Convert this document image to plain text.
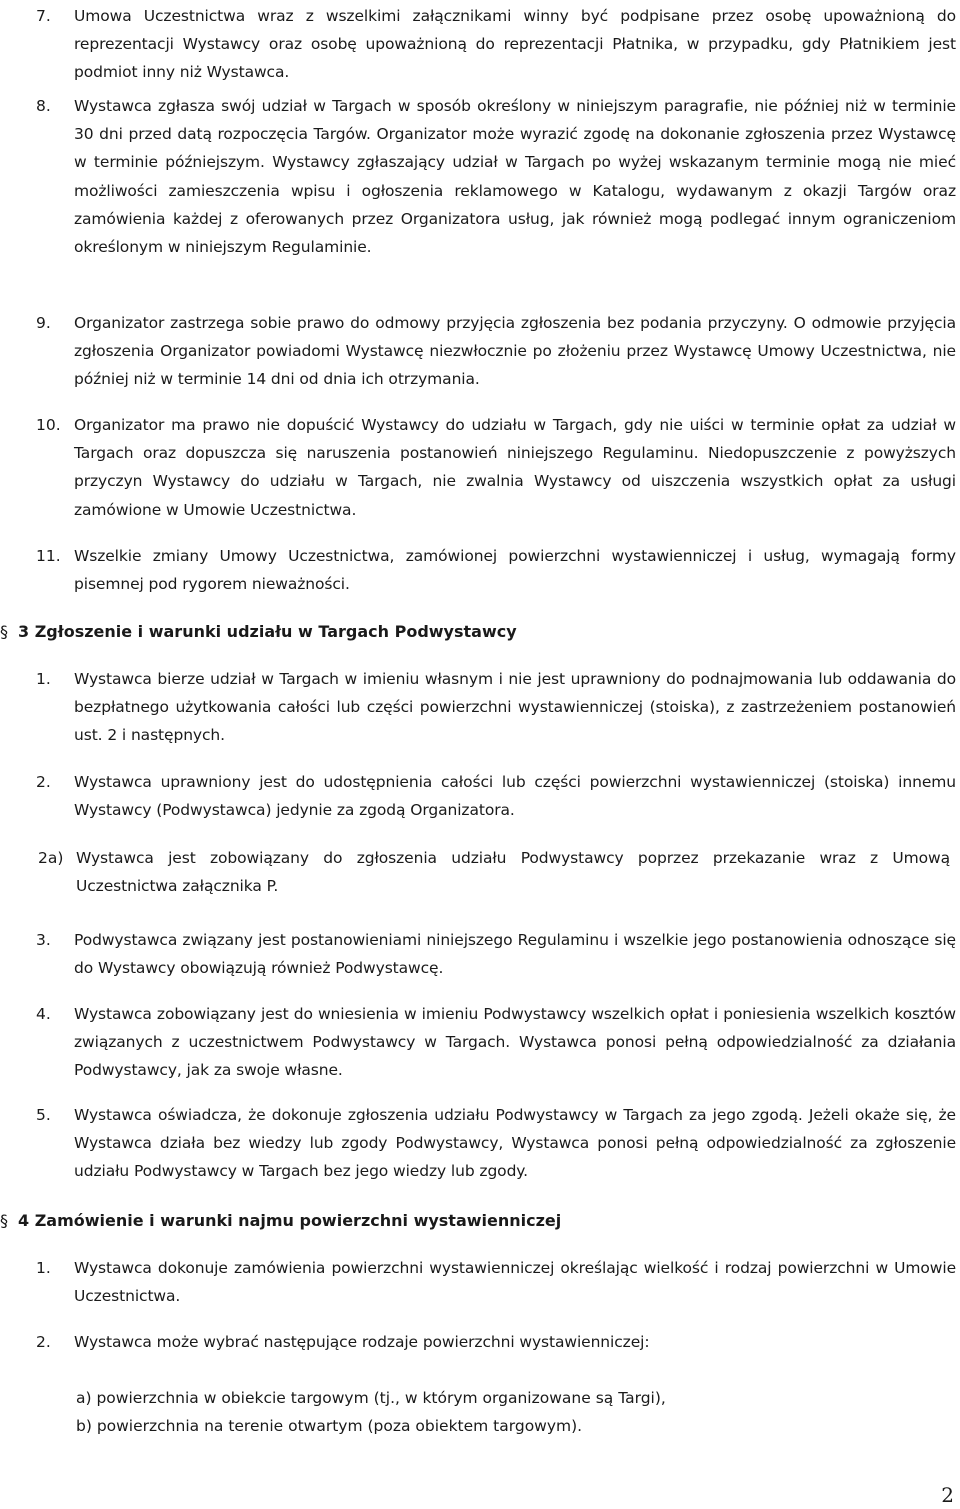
7. Umowa Uczestnictwa wraz z wszelkimi załącznikami winny być podpisane przez osobę upoważnioną do reprezentacji Wystawcy oraz osobę upoważnioną do reprezentacji Płatnika, w przypadku, gdy Płatnikiem jest podmiot inny niż Wystawca.
8. Wystawca zgłasza swój udział w Targach w sposób określony w niniejszym paragrafie, nie później niż w terminie 30 dni przed datą rozpoczęcia Targów. Organizator może wyrazić zgodę na dokonanie zgłoszenia przez Wystawcę w terminie późniejszym. Wystawcy zgłaszający udział w Targach po wyżej wskazanym terminie mogą nie mieć możliwości zamieszczenia wpisu i ogłoszenia reklamowego w Katalogu, wydawanym z okazji Targów oraz zamówienia każdej z oferowanych przez Organizatora usług, jak również mogą podlegać innym ograniczeniom określonym w niniejszym Regulaminie.
9. Organizator zastrzega sobie prawo do odmowy przyjęcia zgłoszenia bez podania przyczyny. O odmowie przyjęcia zgłoszenia Organizator powiadomi Wystawcę niezwłocznie po złożeniu przez Wystawcę Umowy Uczestnictwa, nie później niż w terminie 14 dni od dnia ich otrzymania.
10. Organizator ma prawo nie dopuścić Wystawcy do udziału w Targach, gdy nie uiści w terminie opłat za udział w Targach oraz dopuszcza się naruszenia postanowień niniejszego Regulaminu. Niedopuszczenie z powyższych przyczyn Wystawcy do udziału w Targach, nie zwalnia Wystawcy od uiszczenia wszystkich opłat za usługi zamówione w Umowie Uczestnictwa.
11. Wszelkie zmiany Umowy Uczestnictwa, zamówionej powierzchni wystawienniczej i usług, wymagają formy pisemnej pod rygorem nieważności.
§ 3 Zgłoszenie i warunki udziału w Targach Podwystawcy
1. Wystawca bierze udział w Targach w imieniu własnym i nie jest uprawniony do podnajmowania lub oddawania do bezpłatnego użytkowania całości lub części powierzchni wystawienniczej (stoiska), z zastrzeżeniem postanowień ust. 2 i następnych.
2. Wystawca uprawniony jest do udostępnienia całości lub części powierzchni wystawienniczej (stoiska) innemu Wystawcy (Podwystawca) jedynie za zgodą Organizatora.
2a) Wystawca jest zobowiązany do zgłoszenia udziału Podwystawcy poprzez przekazanie wraz z Umową Uczestnictwa załącznika P.
3. Podwystawca związany jest postanowieniami niniejszego Regulaminu i wszelkie jego postanowienia odnoszące się do Wystawcy obowiązują również Podwystawcę.
4. Wystawca zobowiązany jest do wniesienia w imieniu Podwystawcy wszelkich opłat i poniesienia wszelkich kosztów związanych z uczestnictwem Podwystawcy w Targach. Wystawca ponosi pełną odpowiedzialność za działania Podwystawcy, jak za swoje własne.
5. Wystawca oświadcza, że dokonuje zgłoszenia udziału Podwystawcy w Targach za jego zgodą. Jeżeli okaże się, że Wystawca działa bez wiedzy lub zgody Podwystawcy, Wystawca ponosi pełną odpowiedzialność za zgłoszenie udziału Podwystawcy w Targach bez jego wiedzy lub zgody.
§ 4 Zamówienie i warunki najmu powierzchni wystawienniczej
1. Wystawca dokonuje zamówienia powierzchni wystawienniczej określając wielkość i rodzaj powierzchni w Umowie Uczestnictwa.
2. Wystawca może wybrać następujące rodzaje powierzchni wystawienniczej:
a) powierzchnia w obiekcie targowym (tj., w którym organizowane są Targi),
b) powierzchnia na terenie otwartym (poza obiektem targowym).
2
